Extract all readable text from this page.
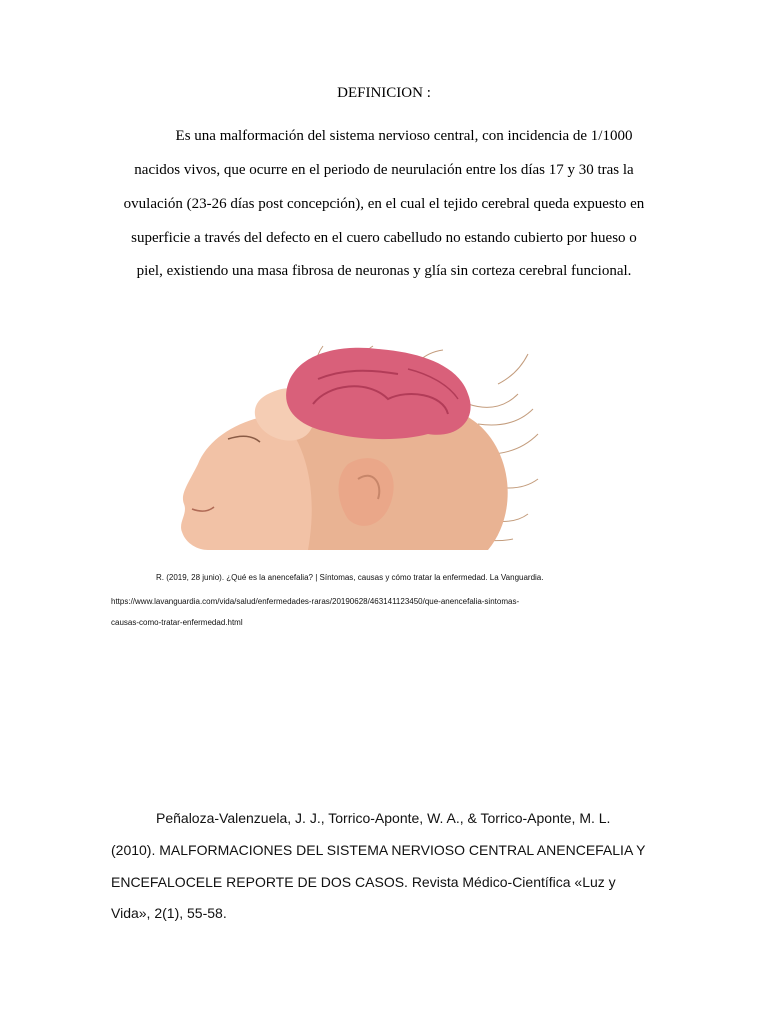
DEFINICION :
Es una malformación del sistema nervioso central, con incidencia de 1/1000
nacidos vivos, que ocurre en el periodo de neurulación entre los días 17 y 30 tras la
ovulación (23-26 días post concepción), en el cual el tejido cerebral queda expuesto en
superficie a través del defecto en el cuero cabelludo no estando cubierto por hueso o
piel, existiendo una masa fibrosa de neuronas y glía sin corteza cerebral funcional.
R. (2019, 28 junio). ¿Qué es la anencefalia? | Síntomas, causas y cómo tratar la enfermedad. La Vanguardia.
https://www.lavanguardia.com/vida/salud/enfermedades-raras/20190628/463141123450/que-anencefalia-sintomas-
causas-como-tratar-enfermedad.html
Peñaloza-Valenzuela, J. J., Torrico-Aponte, W. A., & Torrico-Aponte, M. L.
(2010). MALFORMACIONES DEL SISTEMA NERVIOSO CENTRAL ANENCEFALIA Y
ENCEFALOCELE REPORTE DE DOS CASOS. Revista Médico-Científica «Luz y
Vida», 2(1), 55-58.
